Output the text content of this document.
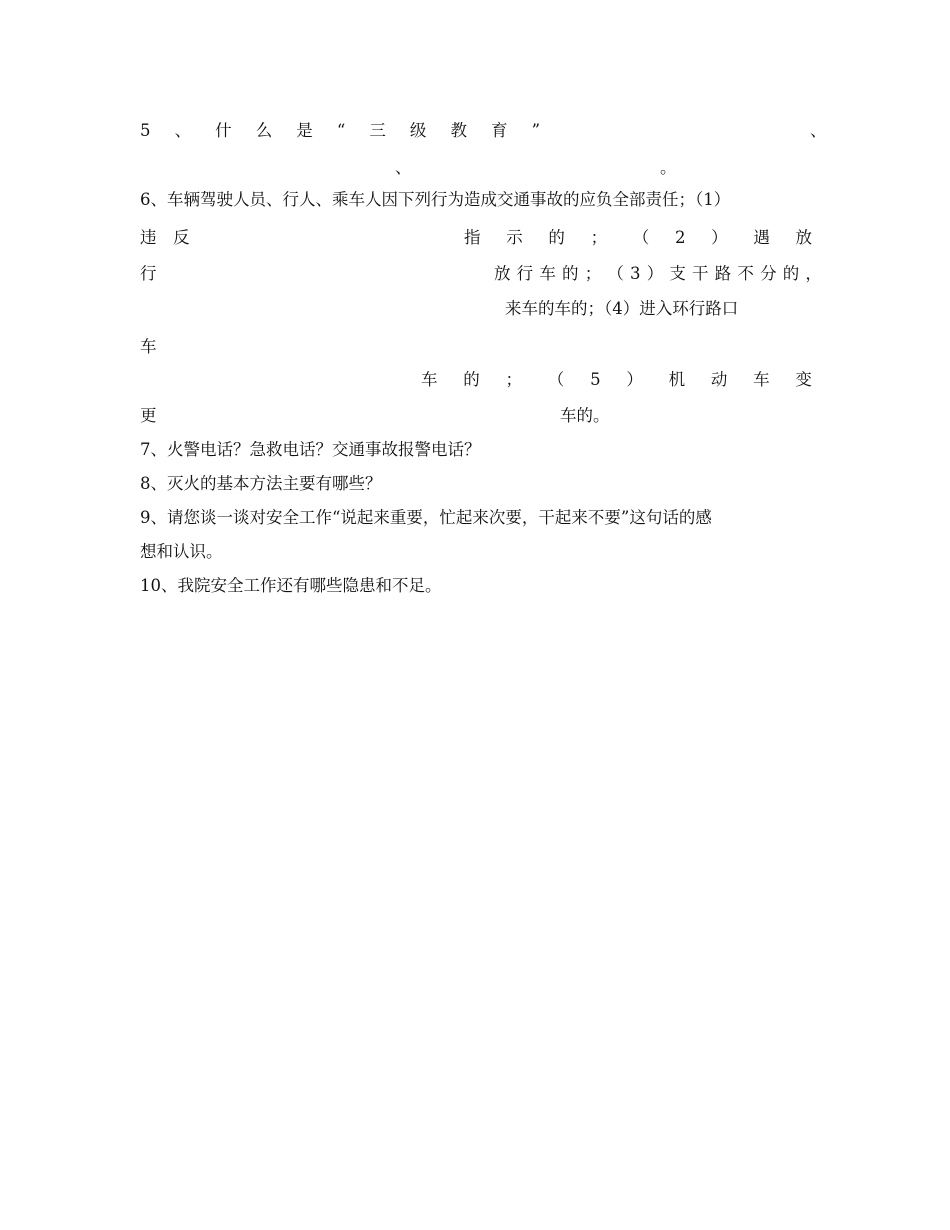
5 、 什 么 是 “ 三 级 教 育 ”	、
、	。
6、车辆驾驶人员、行人、乘车人因下列行为造成交通事故的应负全部责任；（1）
违　反	指 示 的 ； （ 2 ） 遇 放
行	放 行 车 的 ； （ 3 ） 支 干 路 不 分 的 ，
来车的车的；（4）进入环行路口
车
车 的 ； （ 5 ） 机 动 车 变
更	车的。
7、火警电话？急救电话？交通事故报警电话？
8、灭火的基本方法主要有哪些？
9、请您谈一谈对安全工作“说起来重要，忙起来次要，干起来不要”这句话的感
想和认识。
10、我院安全工作还有哪些隐患和不足。
